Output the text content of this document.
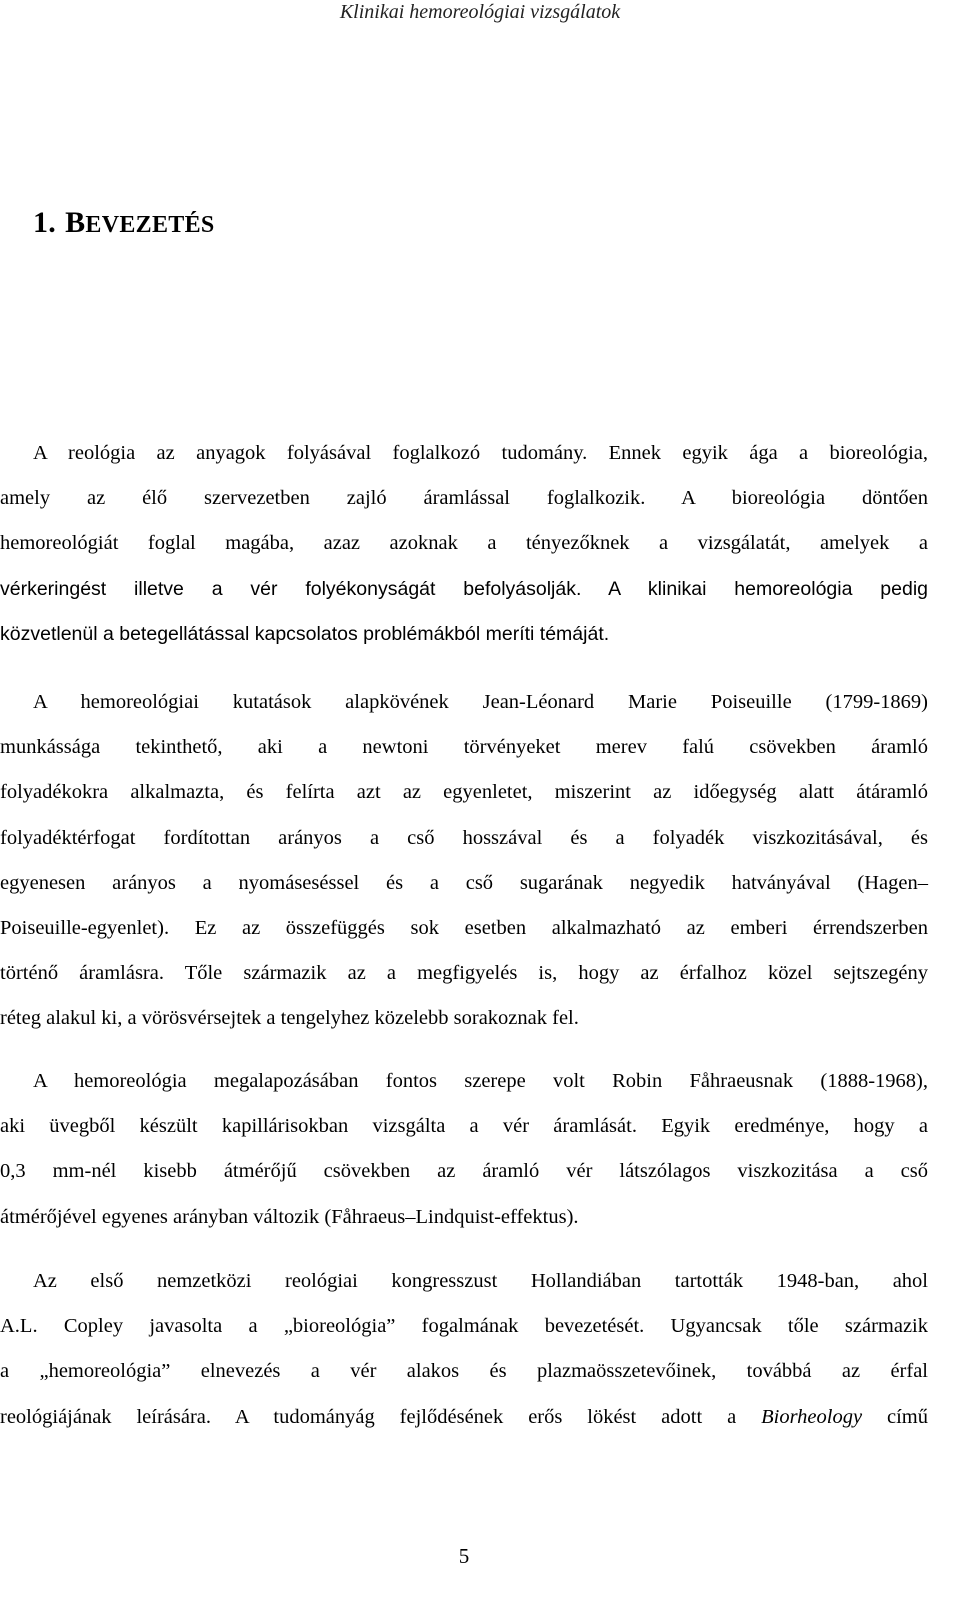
Klinikai hemoreológiai vizsgálatok
1. BEVEZETÉS
A reológia az anyagok folyásával foglalkozó tudomány. Ennek egyik ága a bioreológia,
amely az élő szervezetben zajló áramlással foglalkozik. A bioreológia döntően
hemoreológiát foglal magába, azaz azoknak a tényezőknek a vizsgálatát, amelyek a
vérkeringést illetve a vér folyékonyságát befolyásolják. A klinikai hemoreológia pedig
közvetlenül a betegellátással kapcsolatos problémákból meríti témáját.
A hemoreológiai kutatások alapkövének Jean-Léonard Marie Poiseuille (1799-1869)
munkássága tekinthető, aki a newtoni törvényeket merev falú csövekben áramló
folyadékokra alkalmazta, és felírta azt az egyenletet, miszerint az időegység alatt átáramló
folyadéktérfogat fordítottan arányos a cső hosszával és a folyadék viszkozitásával, és
egyenesen arányos a nyomáseséssel és a cső sugarának negyedik hatványával (Hagen–
Poiseuille-egyenlet). Ez az összefüggés sok esetben alkalmazható az emberi érrendszerben
történő áramlásra. Tőle származik az a megfigyelés is, hogy az érfalhoz közel sejtszegény
réteg alakul ki, a vörösvérsejtek a tengelyhez közelebb sorakoznak fel.
A hemoreológia megalapozásában fontos szerepe volt Robin Fåhraeusnak (1888-1968),
aki üvegből készült kapillárisokban vizsgálta a vér áramlását. Egyik eredménye, hogy a
0,3 mm-nél kisebb átmérőjű csövekben az áramló vér látszólagos viszkozitása a cső
átmérőjével egyenes arányban változik (Fåhraeus–Lindquist-effektus).
Az első nemzetközi reológiai kongresszust Hollandiában tartották 1948-ban, ahol
A.L. Copley javasolta a „bioreológia” fogalmának bevezetését. Ugyancsak tőle származik
a „hemoreológia” elnevezés a vér alakos és plazmaösszetevőinek, továbbá az érfal
reológiájának leírására. A tudományág fejlődésének erős lökést adott a Biorheology című
5
